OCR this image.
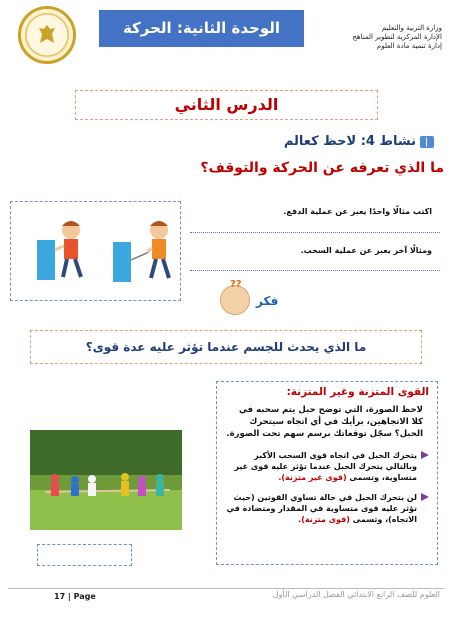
الوحدة الثانية: الحركة	وزارة التربية والتعليم
الإدارة المركزية لتطوير المناهج
إدارة تنمية مادة العلوم
الدرس الثاني
نشاط 4: لاحظ كعالم
ما الذي تعرفه عن الحركة والتوقف؟
اكتب مثالًا واحدًا يعبر عن عملية الدفع.
ومثالًا آخر يعبر عن عملية السحب.
??
فكر
ما الذي يحدث للجسم عندما تؤثر عليه عدة قوى؟
القوى المتزنة وغير المتزنة:
لاحظ الصورة، التي توضح حبل يتم سحبه في كلا الاتجاهين، برأيك في أي اتجاه سيتحرك الحبل؟ سجّل توقعاتك برسم سهم تحت الصورة.
يتحرك الحبل في اتجاه قوى السحب الأكبر وبالتالي يتحرك الحبل عندما تؤثر عليه قوى غير متساوية، وتسمى (قوى غير متزنة).
لن يتحرك الحبل في حالة تساوي القوتين (حيث تؤثر عليه قوى متساوية في المقدار ومتضادة في الاتجاه)، وتسمى (قوى متزنة).
17 | Page	العلوم للصف الرابع الابتدائي الفصل الدراسي الأول
